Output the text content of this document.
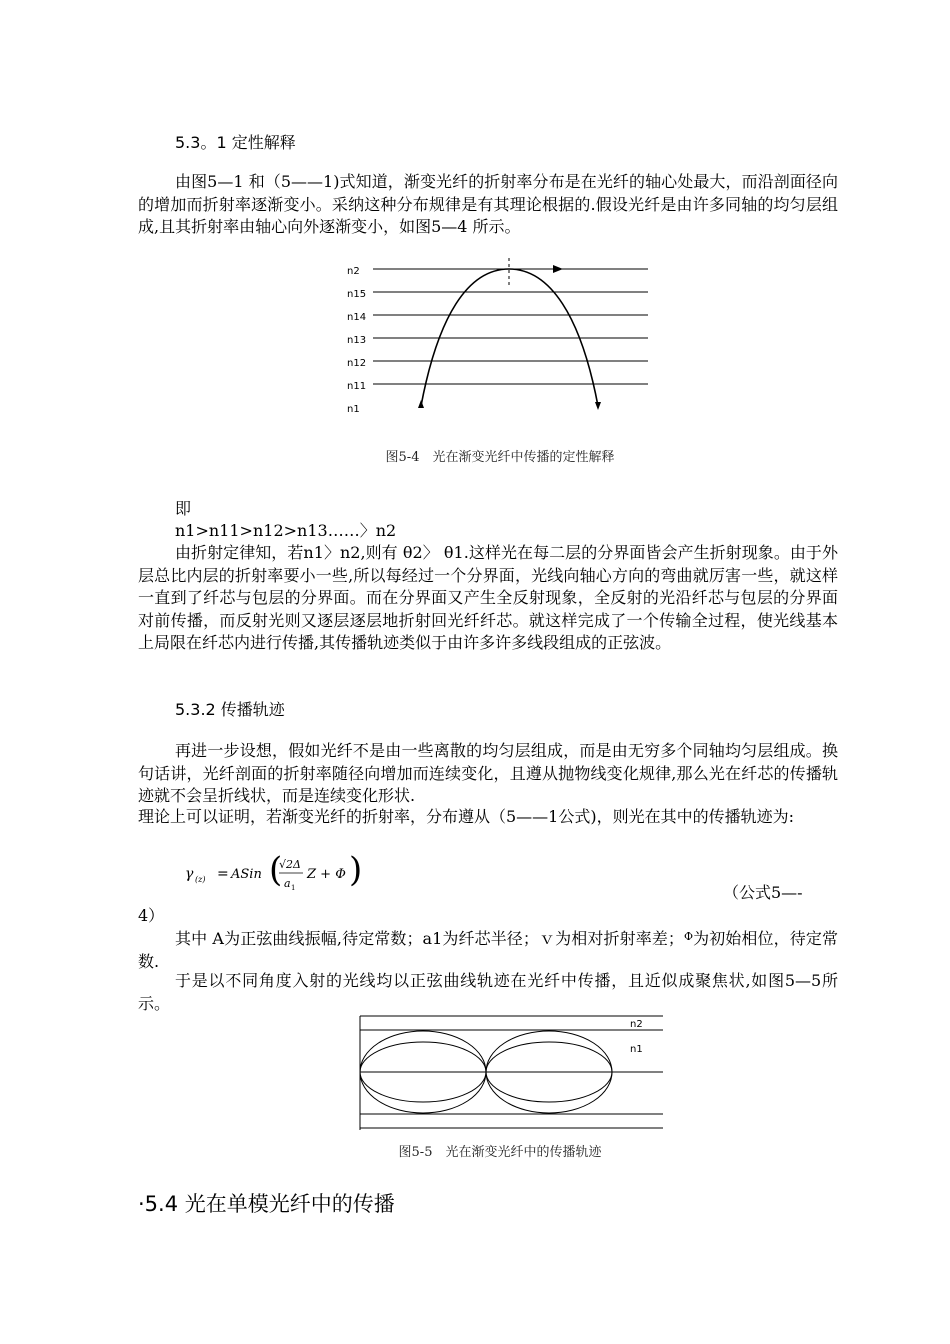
5.3。1 定性解释

由图5—1 和（5——1)式知道，渐变光纤的折射率分布是在光纤的轴心处最大，而沿剖面径向的增加而折射率逐渐变小。采纳这种分布规律是有其理论根据的.假设光纤是由许多同轴的均匀层组成,且其折射率由轴心向外逐渐变小，如图5—4 所示。

n2
n15
n14
n13
n12
n11
n1
图5-4　光在渐变光纤中传播的定性解释

即

n1>n11>n12>n13……〉n2

由折射定律知，若n1〉n2,则有 θ2〉 θ1.这样光在每二层的分界面皆会产生折射现象。由于外层总比内层的折射率要小一些,所以每经过一个分界面，光线向轴心方向的弯曲就厉害一些，就这样一直到了纤芯与包层的分界面。而在分界面又产生全反射现象，全反射的光沿纤芯与包层的分界面对前传播，而反射光则又逐层逐层地折射回光纤纤芯。就这样完成了一个传输全过程，使光线基本上局限在纤芯内进行传播,其传播轨迹类似于由许多许多线段组成的正弦波。

5.3.2 传播轨迹

再进一步设想，假如光纤不是由一些离散的均匀层组成，而是由无穷多个同轴均匀层组成。换句话讲，光纤剖面的折射率随径向增加而连续变化，且遵从抛物线变化规律,那么光在纤芯的传播轨迹就不会呈折线状，而是连续变化形状.

理论上可以证明，若渐变光纤的折射率，分布遵从（5——1公式)，则光在其中的传播轨迹为:

γ (z) = ASin (
√2Δ
a 1
Z + Φ )
（公式5—-
4）

其中 A为正弦曲线振幅,待定常数；a1为纤芯半径；ｖ为相对折射率差；$^\Phi$为初始相位，待定常数.

于是以不同角度入射的光线均以正弦曲线轨迹在光纤中传播，且近似成聚焦状,如图5—5所示。

n2
n1
图5-5　光在渐变光纤中的传播轨迹
·5.4 光在单模光纤中的传播
